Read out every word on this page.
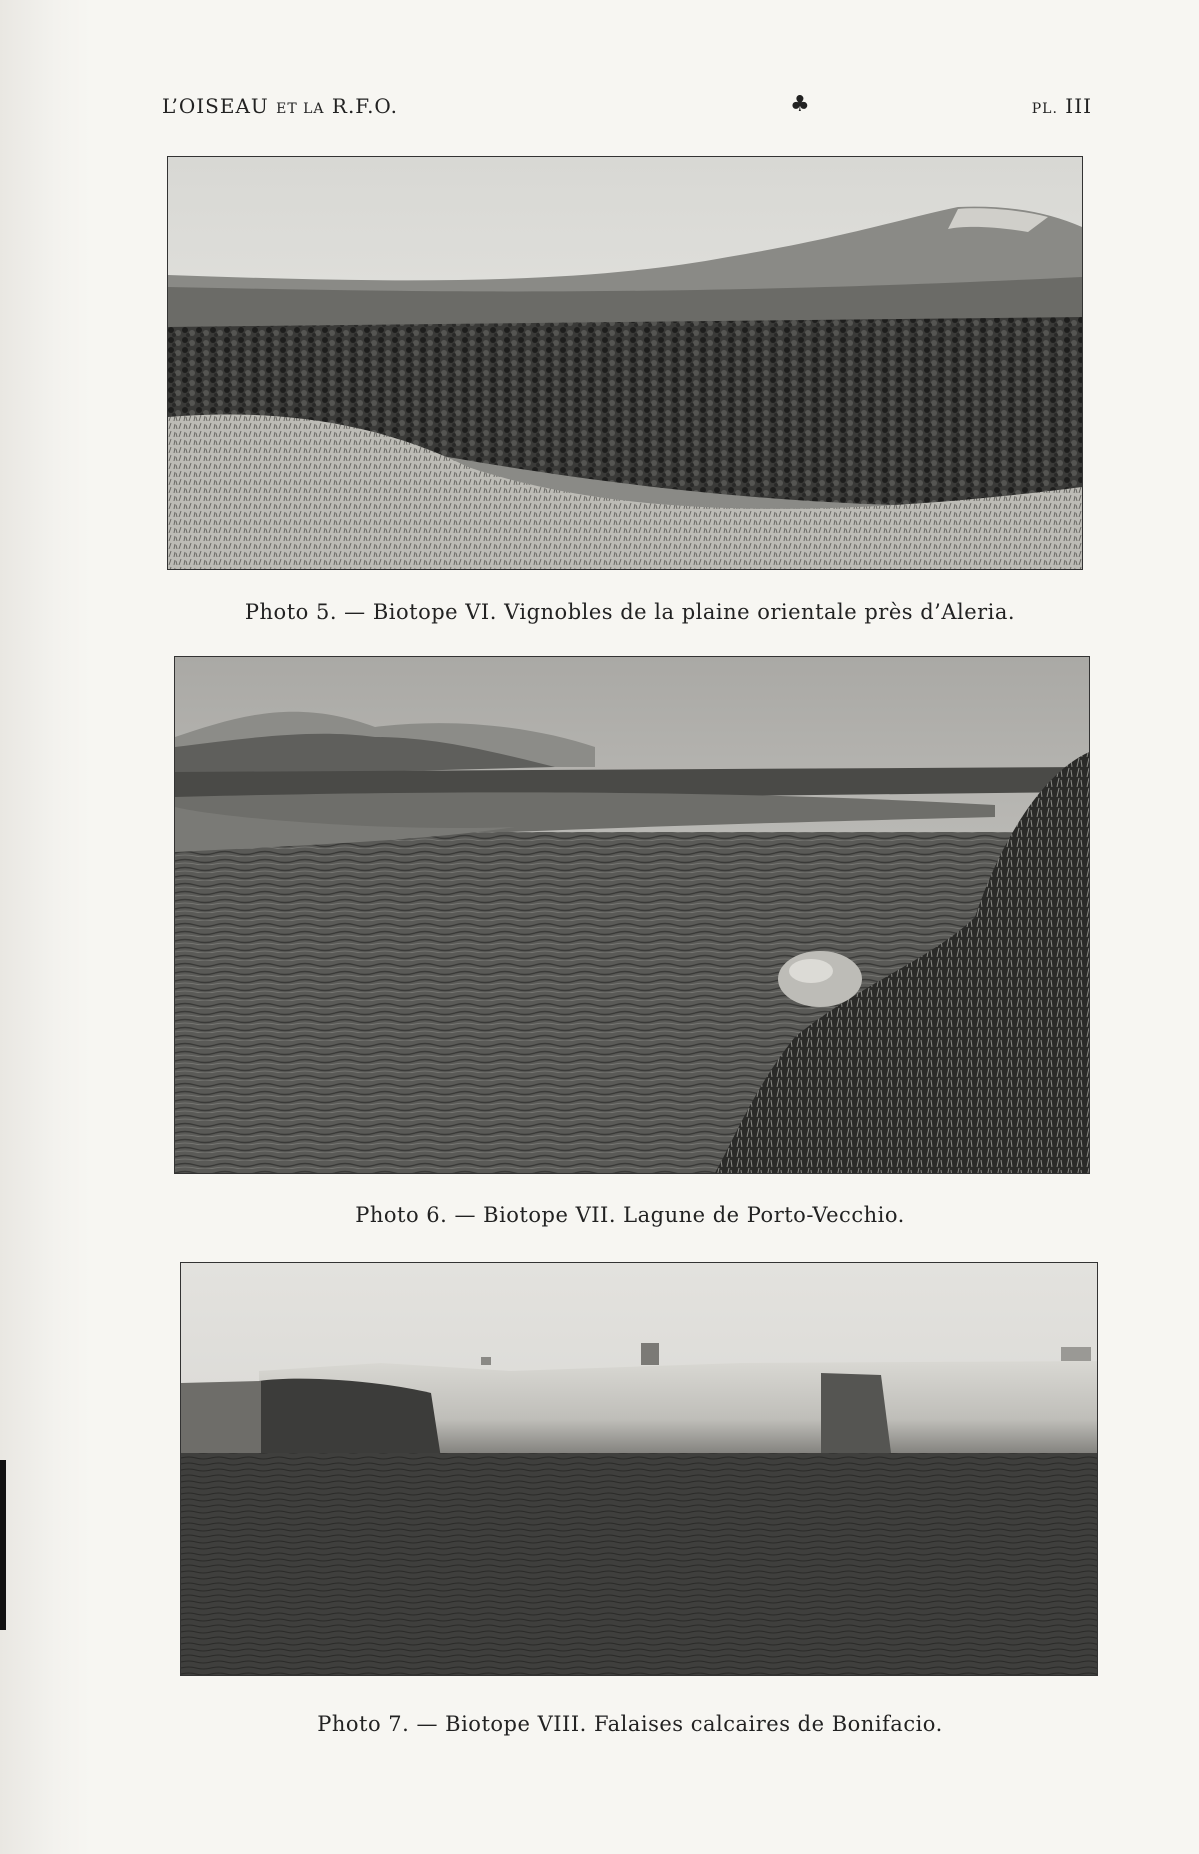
L’OISEAU ET LA R.F.O.	♣	PL. III
Photo 5. — Biotope VI. Vignobles de la plaine orientale près d’Aleria.
Photo 6. — Biotope VII. Lagune de Porto-Vecchio.
Photo 7. — Biotope VIII. Falaises calcaires de Bonifacio.
